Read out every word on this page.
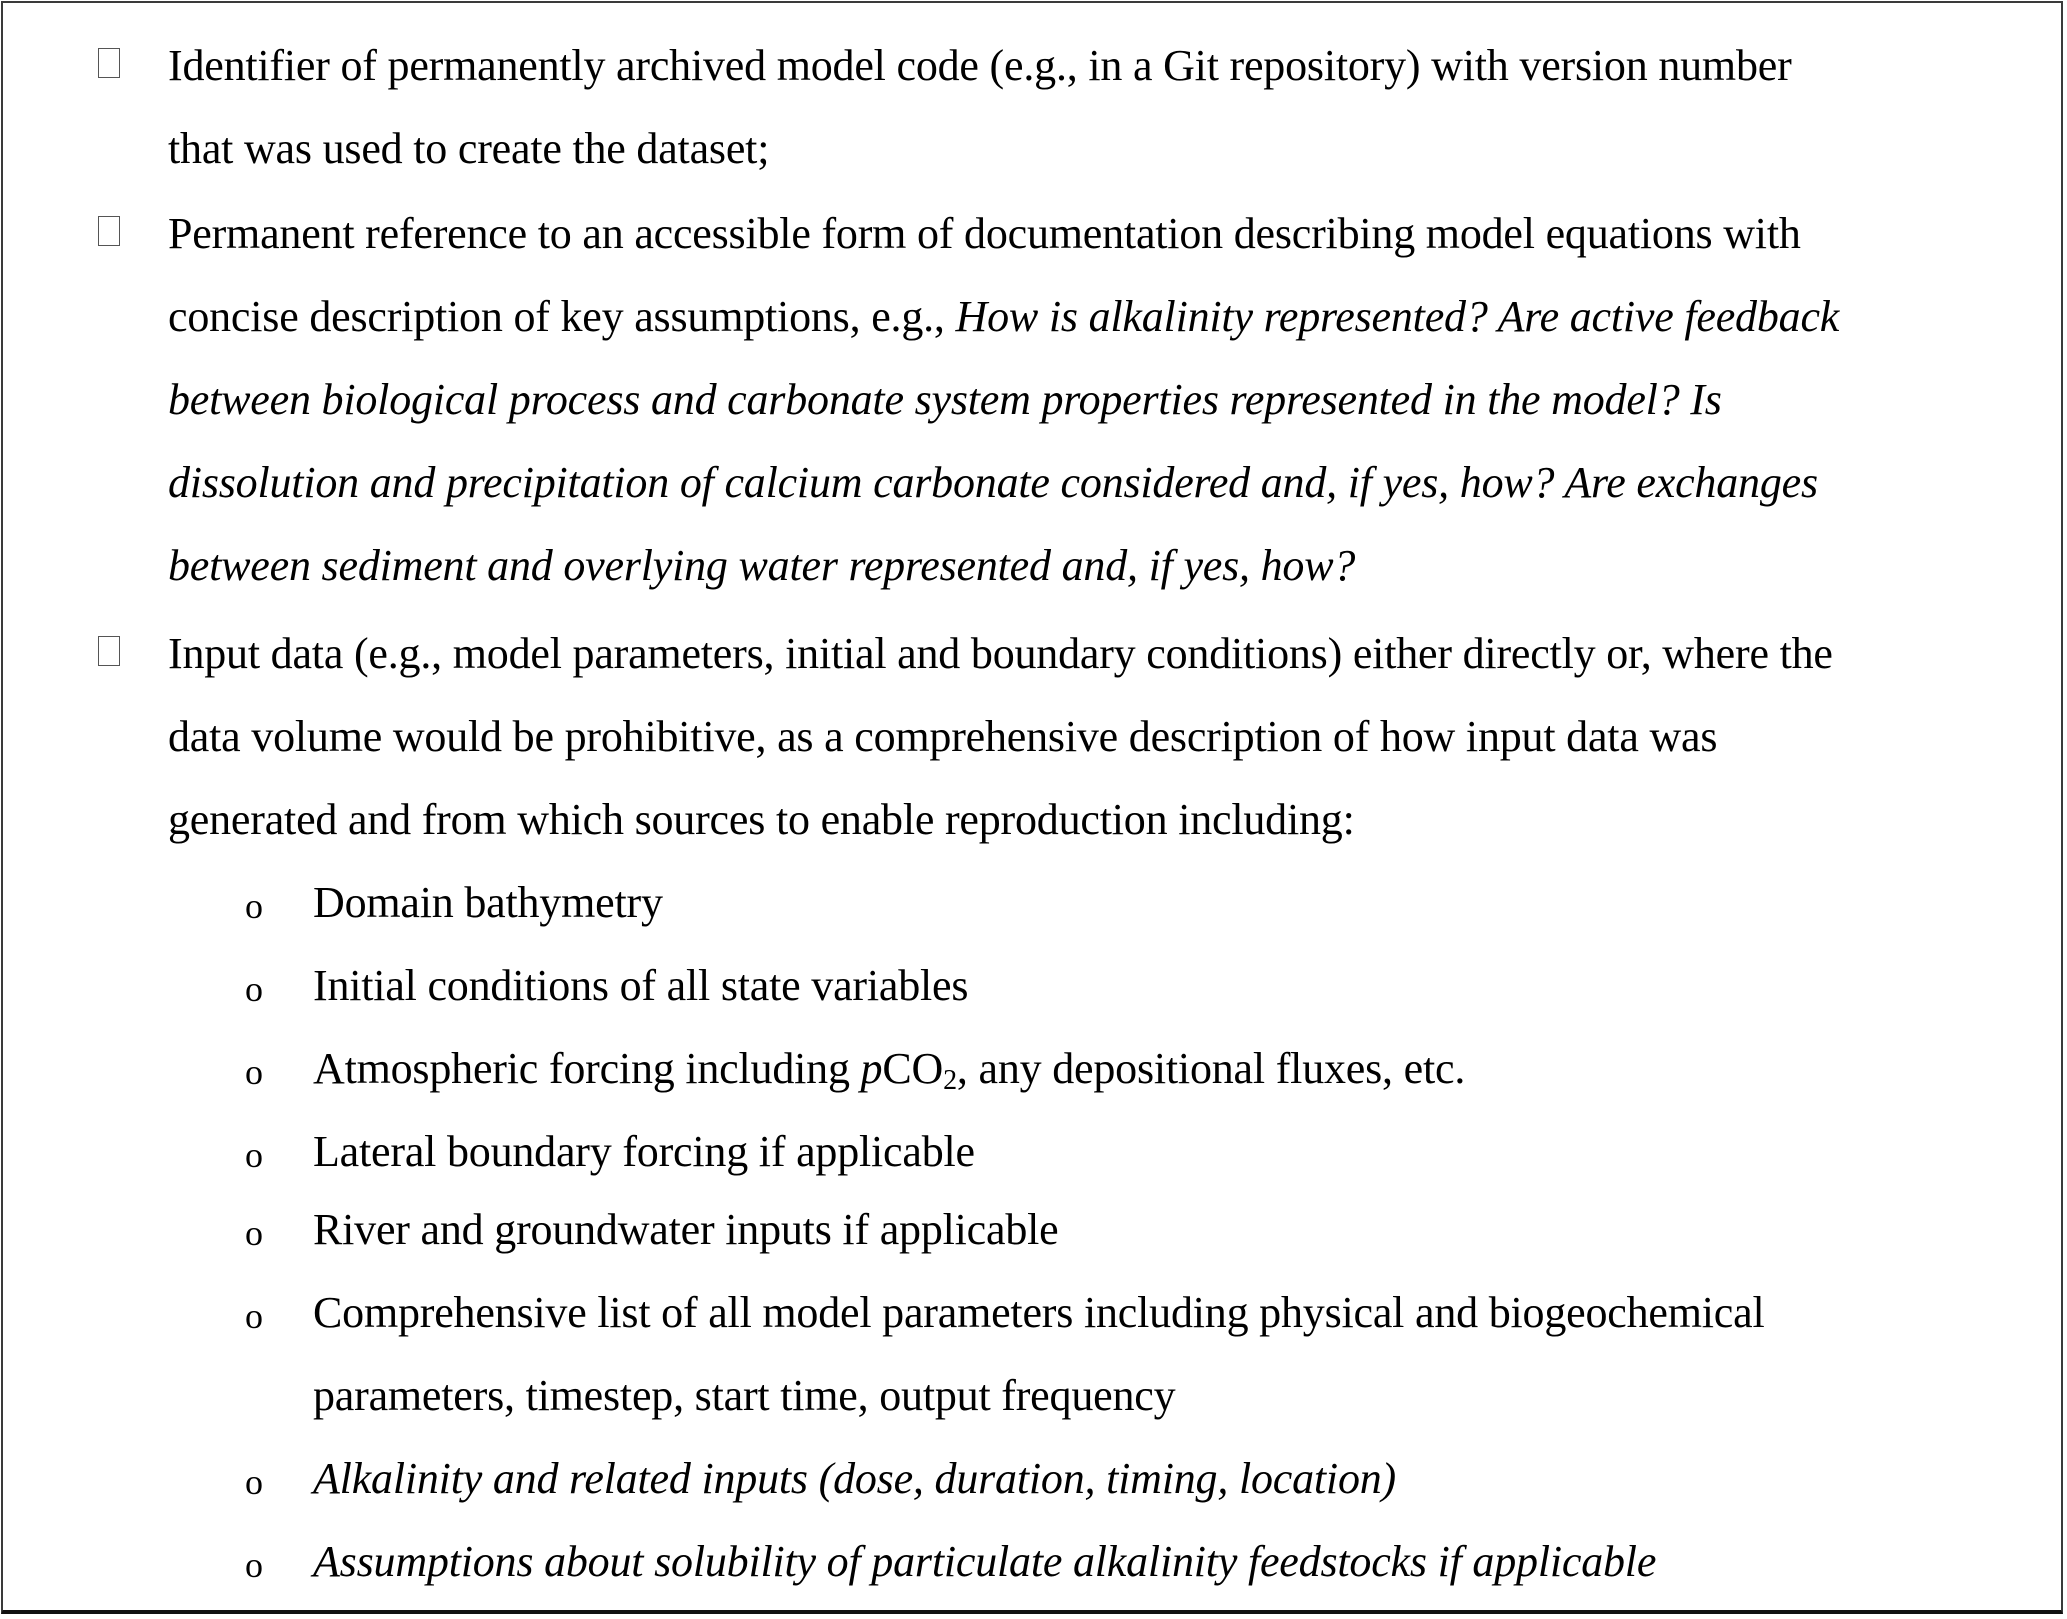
Identifier of permanently archived model code (e.g., in a Git repository) with version number
that was used to create the dataset;
Permanent reference to an accessible form of documentation describing model equations with
concise description of key assumptions, e.g., How is alkalinity represented? Are active feedback
between biological process and carbonate system properties represented in the model? Is
dissolution and precipitation of calcium carbonate considered and, if yes, how? Are exchanges
between sediment and overlying water represented and, if yes, how?
Input data (e.g., model parameters, initial and boundary conditions) either directly or, where the
data volume would be prohibitive, as a comprehensive description of how input data was
generated and from which sources to enable reproduction including:
o Domain bathymetry
o Initial conditions of all state variables
o Atmospheric forcing including pCO$_2$, any depositional fluxes, etc.
o Lateral boundary forcing if applicable
o River and groundwater inputs if applicable
o Comprehensive list of all model parameters including physical and biogeochemical
parameters, timestep, start time, output frequency
o Alkalinity and related inputs (dose, duration, timing, location)
o Assumptions about solubility of particulate alkalinity feedstocks if applicable
